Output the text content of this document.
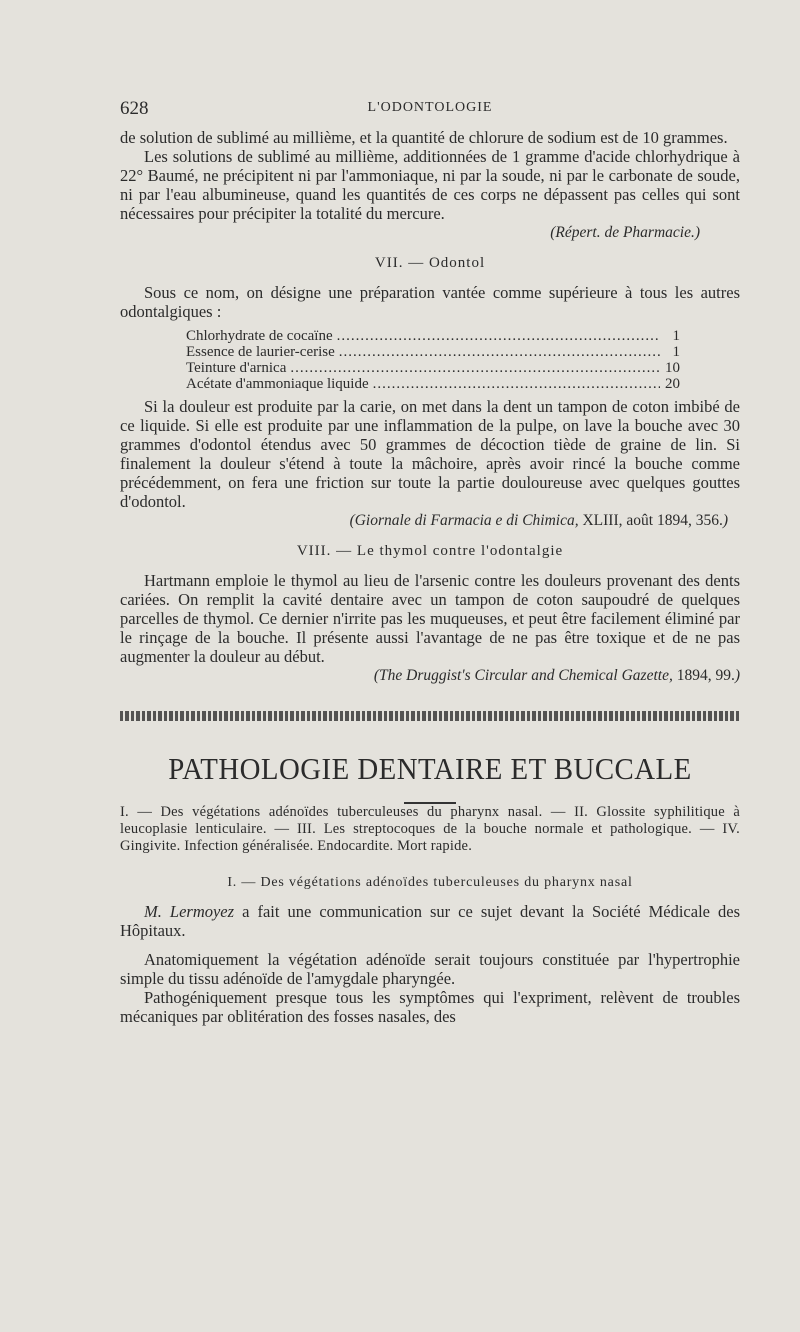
628	L'ODONTOLOGIE

de solution de sublimé au millième, et la quantité de chlorure de sodium est de 10 grammes.

Les solutions de sublimé au millième, additionnées de 1 gramme d'acide chlorhydrique à 22° Baumé, ne précipitent ni par l'ammoniaque, ni par la soude, ni par le carbonate de soude, ni par l'eau albumineuse, quand les quantités de ces corps ne dépassent pas celles qui sont nécessaires pour précipiter la totalité du mercure.

(Répert. de Pharmacie.)

VII. — Odontol

Sous ce nom, on désigne une préparation vantée comme supérieure à tous les autres odontalgiques :

Chlorhydrate de cocaïne .....	1
Essence de laurier-cerise .....	1
Teinture d'arnica .....	10
Acétate d'ammoniaque liquide .....	20

Si la douleur est produite par la carie, on met dans la dent un tampon de coton imbibé de ce liquide. Si elle est produite par une inflammation de la pulpe, on lave la bouche avec 30 grammes d'odontol étendus avec 50 grammes de décoction tiède de graine de lin. Si finalement la douleur s'étend à toute la mâchoire, après avoir rincé la bouche comme précédemment, on fera une friction sur toute la partie douloureuse avec quelques gouttes d'odontol.

(Giornale di Farmacia e di Chimica, XLIII, août 1894, 356.)

VIII. — Le thymol contre l'odontalgie

Hartmann emploie le thymol au lieu de l'arsenic contre les douleurs provenant des dents cariées. On remplit la cavité dentaire avec un tampon de coton saupoudré de quelques parcelles de thymol. Ce dernier n'irrite pas les muqueuses, et peut être facilement éliminé par le rinçage de la bouche. Il présente aussi l'avantage de ne pas être toxique et de ne pas augmenter la douleur au début.

(The Druggist's Circular and Chemical Gazette, 1894, 99.)

PATHOLOGIE DENTAIRE ET BUCCALE

I. — Des végétations adénoïdes tuberculeuses du pharynx nasal. — II. Glossite syphilitique à leucoplasie lenticulaire. — III. Les streptocoques de la bouche normale et pathologique. — IV. Gingivite. Infection généralisée. Endocardite. Mort rapide.

I. — Des végétations adénoïdes tuberculeuses du pharynx nasal

M. Lermoyez a fait une communication sur ce sujet devant la Société Médicale des Hôpitaux.

Anatomiquement la végétation adénoïde serait toujours constituée par l'hypertrophie simple du tissu adénoïde de l'amygdale pharyngée.

Pathogéniquement presque tous les symptômes qui l'expriment, relèvent de troubles mécaniques par oblitération des fosses nasales, des
